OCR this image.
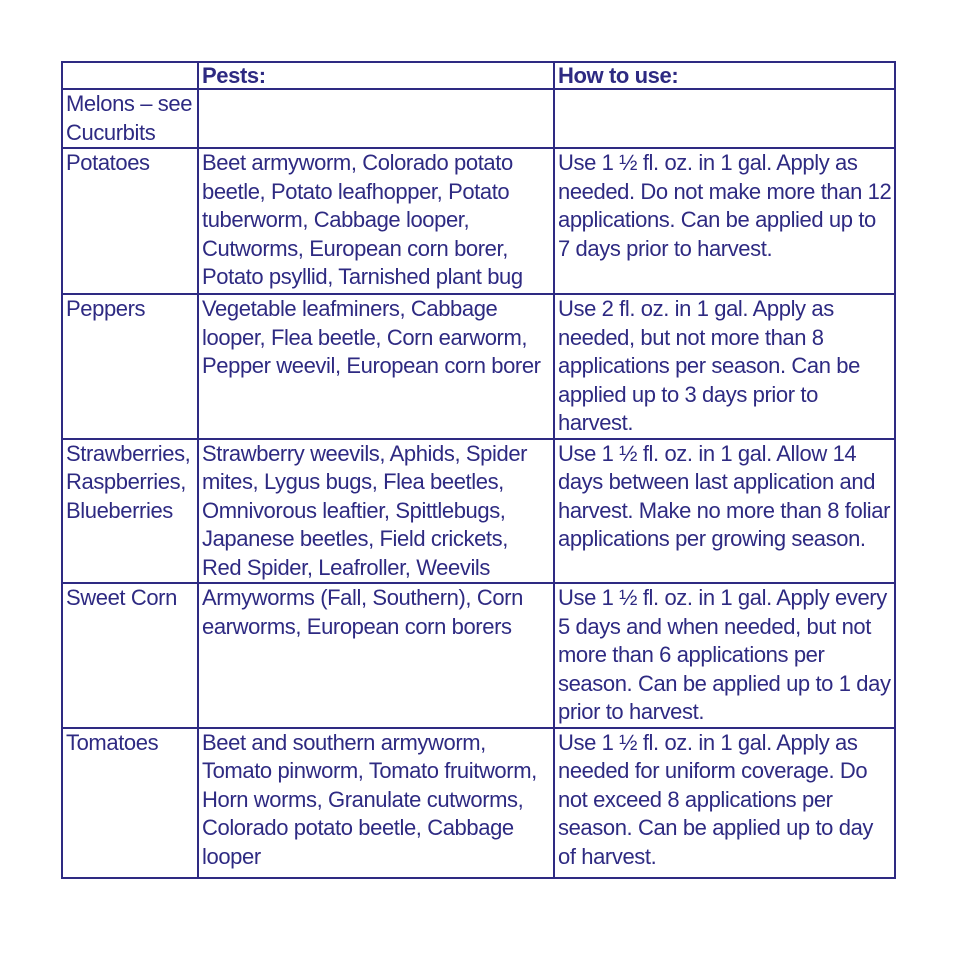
	Pests:	How to use:
Melons – see Cucurbits		
Potatoes	Beet armyworm, Colorado potato beetle, Potato leafhopper, Potato tuberworm, Cabbage looper, Cutworms, European corn borer, Potato psyllid, Tarnished plant bug	Use 1 ½ fl. oz. in 1 gal. Apply as needed. Do not make more than 12 applications. Can be applied up to 7 days prior to harvest.
Peppers	Vegetable leafminers, Cabbage looper, Flea beetle, Corn earworm, Pepper weevil, European corn borer	Use 2 fl. oz. in 1 gal. Apply as needed, but not more than 8 applications per season. Can be applied up to 3 days prior to harvest.
Strawberries, Raspberries, Blueberries	Strawberry weevils, Aphids, Spider mites, Lygus bugs, Flea beetles, Omnivorous leaftier, Spittlebugs, Japanese beetles, Field crickets, Red Spider, Leafroller, Weevils	Use 1 ½ fl. oz. in 1 gal. Allow 14 days between last application and harvest. Make no more than 8 foliar applications per growing season.
Sweet Corn	Armyworms (Fall, Southern), Corn earworms, European corn borers	Use 1 ½ fl. oz. in 1 gal. Apply every 5 days and when needed, but not more than 6 applications per season. Can be applied up to 1 day prior to harvest.
Tomatoes	Beet and southern armyworm, Tomato pinworm, Tomato fruitworm, Horn worms, Granulate cutworms, Colorado potato beetle, Cabbage looper	Use 1 ½ fl. oz. in 1 gal. Apply as needed for uniform coverage. Do not exceed 8 applications per season. Can be applied up to day of harvest.
